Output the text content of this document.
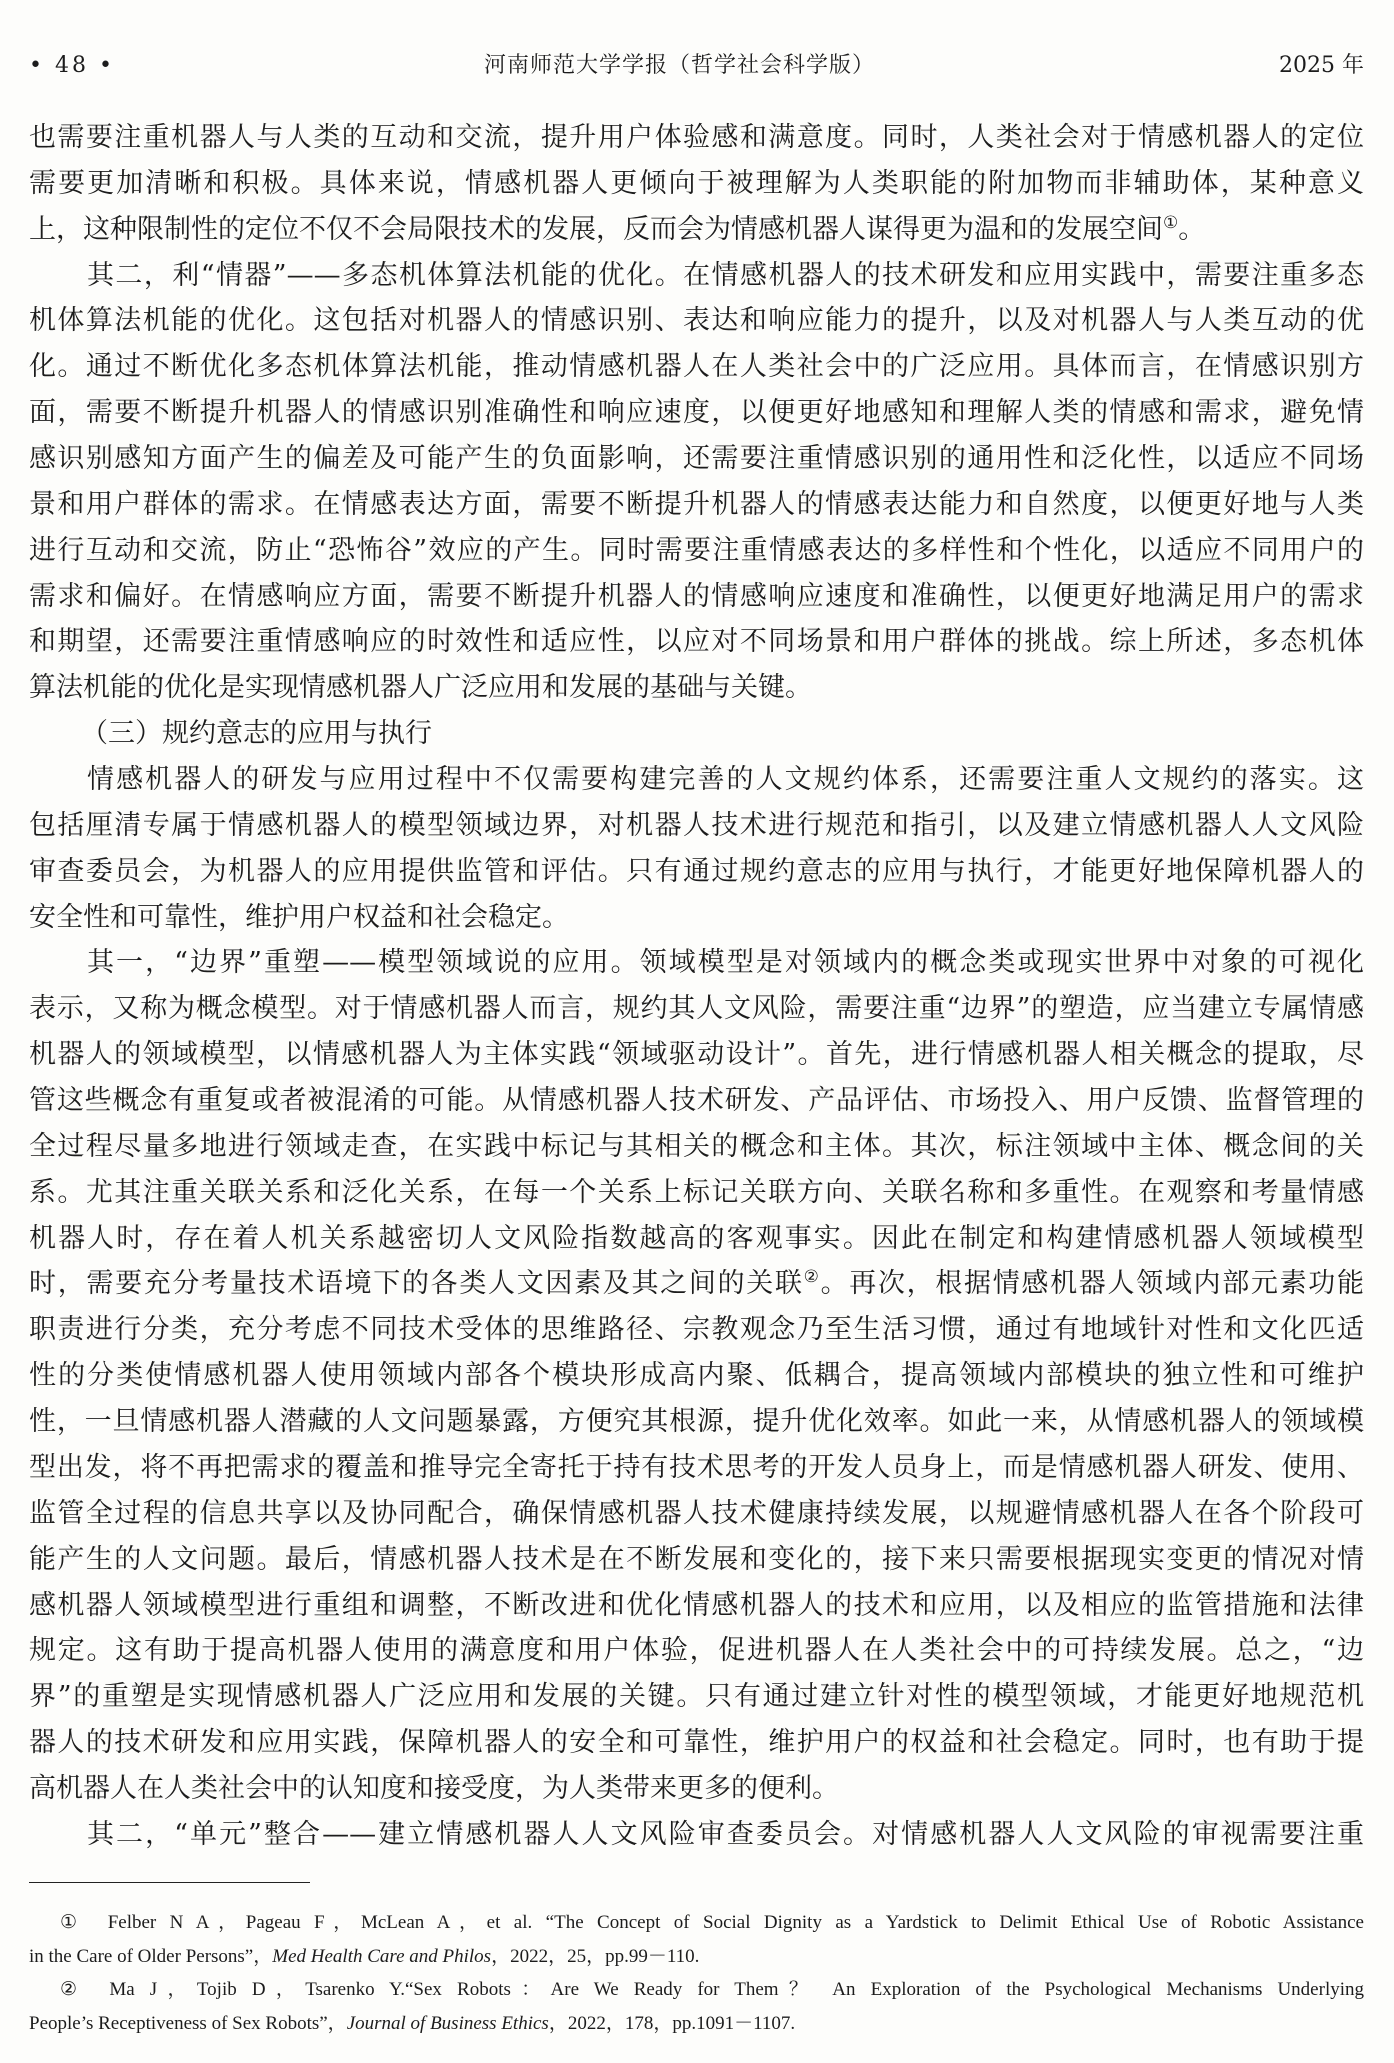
• 48 •	河南师范大学学报（哲学社会科学版）	2025 年
也需要注重机器人与人类的互动和交流，提升用户体验感和满意度。同时，人类社会对于情感机器人的定位
需要更加清晰和积极。具体来说，情感机器人更倾向于被理解为人类职能的附加物而非辅助体，某种意义
上，这种限制性的定位不仅不会局限技术的发展，反而会为情感机器人谋得更为温和的发展空间①。
其二，利“情器”——多态机体算法机能的优化。在情感机器人的技术研发和应用实践中，需要注重多态
机体算法机能的优化。这包括对机器人的情感识别、表达和响应能力的提升，以及对机器人与人类互动的优
化。通过不断优化多态机体算法机能，推动情感机器人在人类社会中的广泛应用。具体而言，在情感识别方
面，需要不断提升机器人的情感识别准确性和响应速度，以便更好地感知和理解人类的情感和需求，避免情
感识别感知方面产生的偏差及可能产生的负面影响，还需要注重情感识别的通用性和泛化性，以适应不同场
景和用户群体的需求。在情感表达方面，需要不断提升机器人的情感表达能力和自然度，以便更好地与人类
进行互动和交流，防止“恐怖谷”效应的产生。同时需要注重情感表达的多样性和个性化，以适应不同用户的
需求和偏好。在情感响应方面，需要不断提升机器人的情感响应速度和准确性，以便更好地满足用户的需求
和期望，还需要注重情感响应的时效性和适应性，以应对不同场景和用户群体的挑战。综上所述，多态机体
算法机能的优化是实现情感机器人广泛应用和发展的基础与关键。
（三）规约意志的应用与执行
情感机器人的研发与应用过程中不仅需要构建完善的人文规约体系，还需要注重人文规约的落实。这
包括厘清专属于情感机器人的模型领域边界，对机器人技术进行规范和指引，以及建立情感机器人人文风险
审查委员会，为机器人的应用提供监管和评估。只有通过规约意志的应用与执行，才能更好地保障机器人的
安全性和可靠性，维护用户权益和社会稳定。
其一，“边界”重塑——模型领域说的应用。领域模型是对领域内的概念类或现实世界中对象的可视化
表示，又称为概念模型。对于情感机器人而言，规约其人文风险，需要注重“边界”的塑造，应当建立专属情感
机器人的领域模型，以情感机器人为主体实践“领域驱动设计”。首先，进行情感机器人相关概念的提取，尽
管这些概念有重复或者被混淆的可能。从情感机器人技术研发、产品评估、市场投入、用户反馈、监督管理的
全过程尽量多地进行领域走查，在实践中标记与其相关的概念和主体。其次，标注领域中主体、概念间的关
系。尤其注重关联关系和泛化关系，在每一个关系上标记关联方向、关联名称和多重性。在观察和考量情感
机器人时，存在着人机关系越密切人文风险指数越高的客观事实。因此在制定和构建情感机器人领域模型
时，需要充分考量技术语境下的各类人文因素及其之间的关联②。再次，根据情感机器人领域内部元素功能
职责进行分类，充分考虑不同技术受体的思维路径、宗教观念乃至生活习惯，通过有地域针对性和文化匹适
性的分类使情感机器人使用领域内部各个模块形成高内聚、低耦合，提高领域内部模块的独立性和可维护
性，一旦情感机器人潜藏的人文问题暴露，方便究其根源，提升优化效率。如此一来，从情感机器人的领域模
型出发，将不再把需求的覆盖和推导完全寄托于持有技术思考的开发人员身上，而是情感机器人研发、使用、
监管全过程的信息共享以及协同配合，确保情感机器人技术健康持续发展，以规避情感机器人在各个阶段可
能产生的人文问题。最后，情感机器人技术是在不断发展和变化的，接下来只需要根据现实变更的情况对情
感机器人领域模型进行重组和调整，不断改进和优化情感机器人的技术和应用，以及相应的监管措施和法律
规定。这有助于提高机器人使用的满意度和用户体验，促进机器人在人类社会中的可持续发展。总之，“边
界”的重塑是实现情感机器人广泛应用和发展的关键。只有通过建立针对性的模型领域，才能更好地规范机
器人的技术研发和应用实践，保障机器人的安全和可靠性，维护用户的权益和社会稳定。同时，也有助于提
高机器人在人类社会中的认知度和接受度，为人类带来更多的便利。
其二，“单元”整合——建立情感机器人人文风险审查委员会。对情感机器人人文风险的审视需要注重
① Felber N A，Pageau F，McLean A，et al. “The Concept of Social Dignity as a Yardstick to Delimit Ethical Use of Robotic Assistance
in the Care of Older Persons”，Med Health Care and Philos，2022，25，pp.99－110.
② Ma J，Tojib D，Tsarenko Y.“Sex Robots：Are We Ready for Them？ An Exploration of the Psychological Mechanisms Underlying
People’s Receptiveness of Sex Robots”，Journal of Business Ethics，2022，178，pp.1091－1107.
